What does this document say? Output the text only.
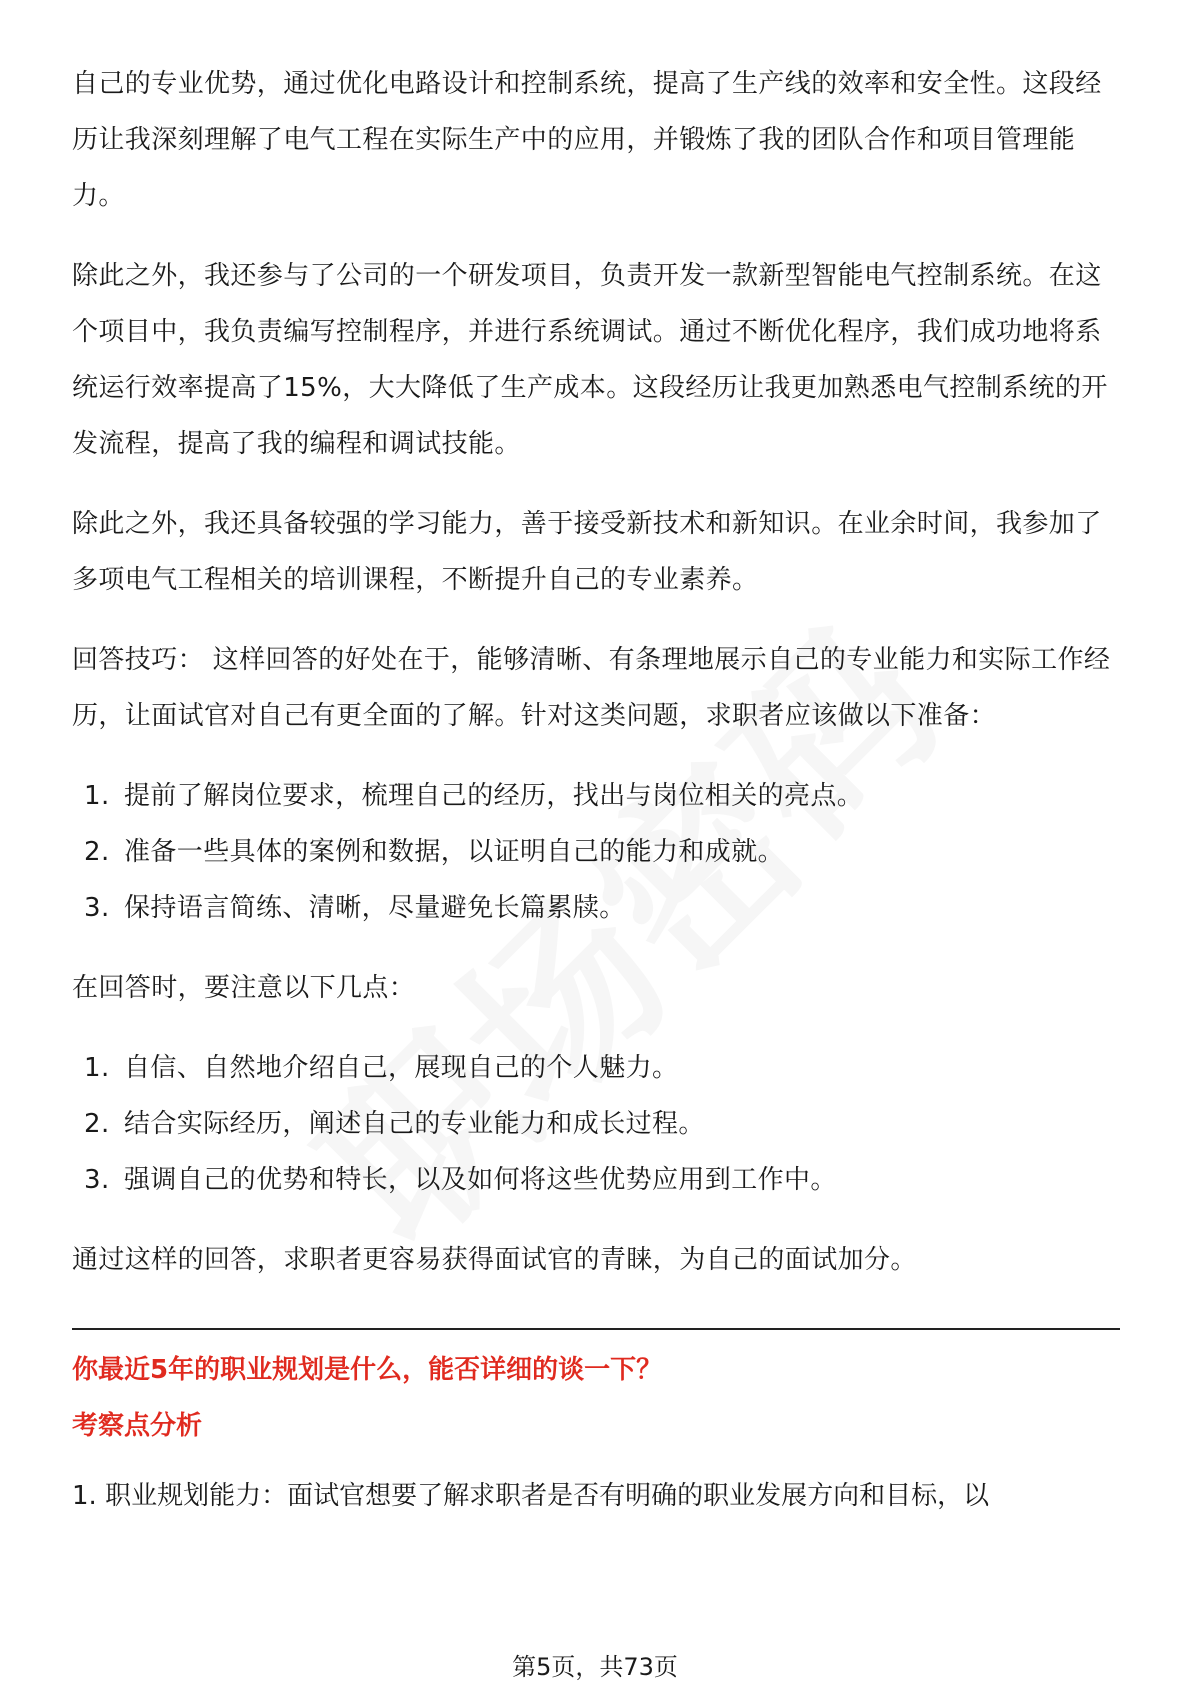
自己的专业优势，通过优化电路设计和控制系统，提高了生产线的效率和安全性。这段经历让我深刻理解了电气工程在实际生产中的应用，并锻炼了我的团队合作和项目管理能力。

除此之外，我还参与了公司的一个研发项目，负责开发一款新型智能电气控制系统。在这个项目中，我负责编写控制程序，并进行系统调试。通过不断优化程序，我们成功地将系统运行效率提高了15%，大大降低了生产成本。这段经历让我更加熟悉电气控制系统的开发流程，提高了我的编程和调试技能。

除此之外，我还具备较强的学习能力，善于接受新技术和新知识。在业余时间，我参加了多项电气工程相关的培训课程，不断提升自己的专业素养。

回答技巧： 这样回答的好处在于，能够清晰、有条理地展示自己的专业能力和实际工作经历，让面试官对自己有更全面的了解。针对这类问题，求职者应该做以下准备：

1. 提前了解岗位要求，梳理自己的经历，找出与岗位相关的亮点。
2. 准备一些具体的案例和数据，以证明自己的能力和成就。
3. 保持语言简练、清晰，尽量避免长篇累牍。

在回答时，要注意以下几点：

1. 自信、自然地介绍自己，展现自己的个人魅力。
2. 结合实际经历，阐述自己的专业能力和成长过程。
3. 强调自己的优势和特长，以及如何将这些优势应用到工作中。

通过这样的回答，求职者更容易获得面试官的青睐，为自己的面试加分。

你最近5年的职业规划是什么，能否详细的谈一下？

考察点分析

1. 职业规划能力：面试官想要了解求职者是否有明确的职业发展方向和目标，以
第5页，共73页
